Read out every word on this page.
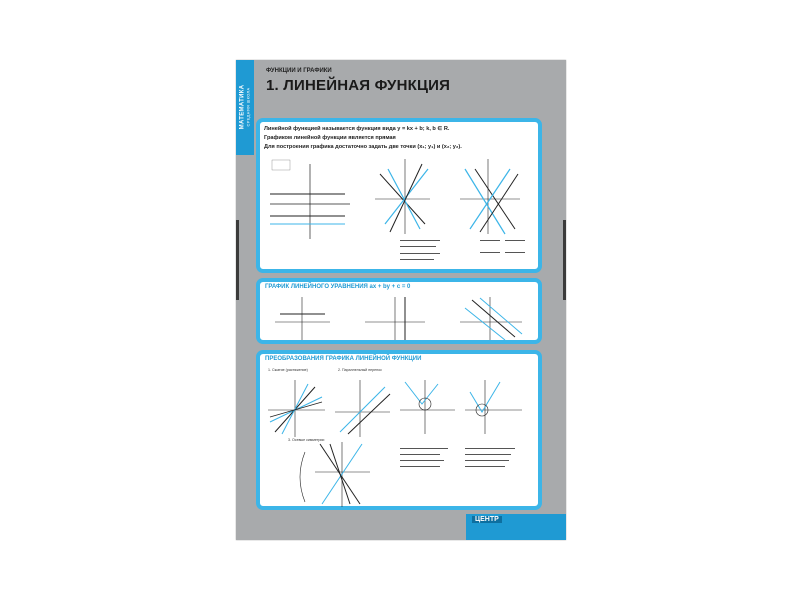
МАТЕМАТИКА СРЕДНЯЯ ШКОЛА
ФУНКЦИИ И ГРАФИКИ
1. ЛИНЕЙНАЯ ФУНКЦИЯ
Линейной функцией называется функция вида y = kx + b; k, b ∈ R.
Графиком линейной функции является прямая
Для построения графика достаточно задать две точки (x₁; y₁) и (x₂; y₂).
ГРАФИК ЛИНЕЙНОГО УРАВНЕНИЯ ax + by + c = 0
ПРЕОБРАЗОВАНИЯ ГРАФИКА ЛИНЕЙНОЙ ФУНКЦИИ
1. Сжатие (растяжение)	2. Параллельный перенос
3. Осевые симметрии
ЦЕНТР
